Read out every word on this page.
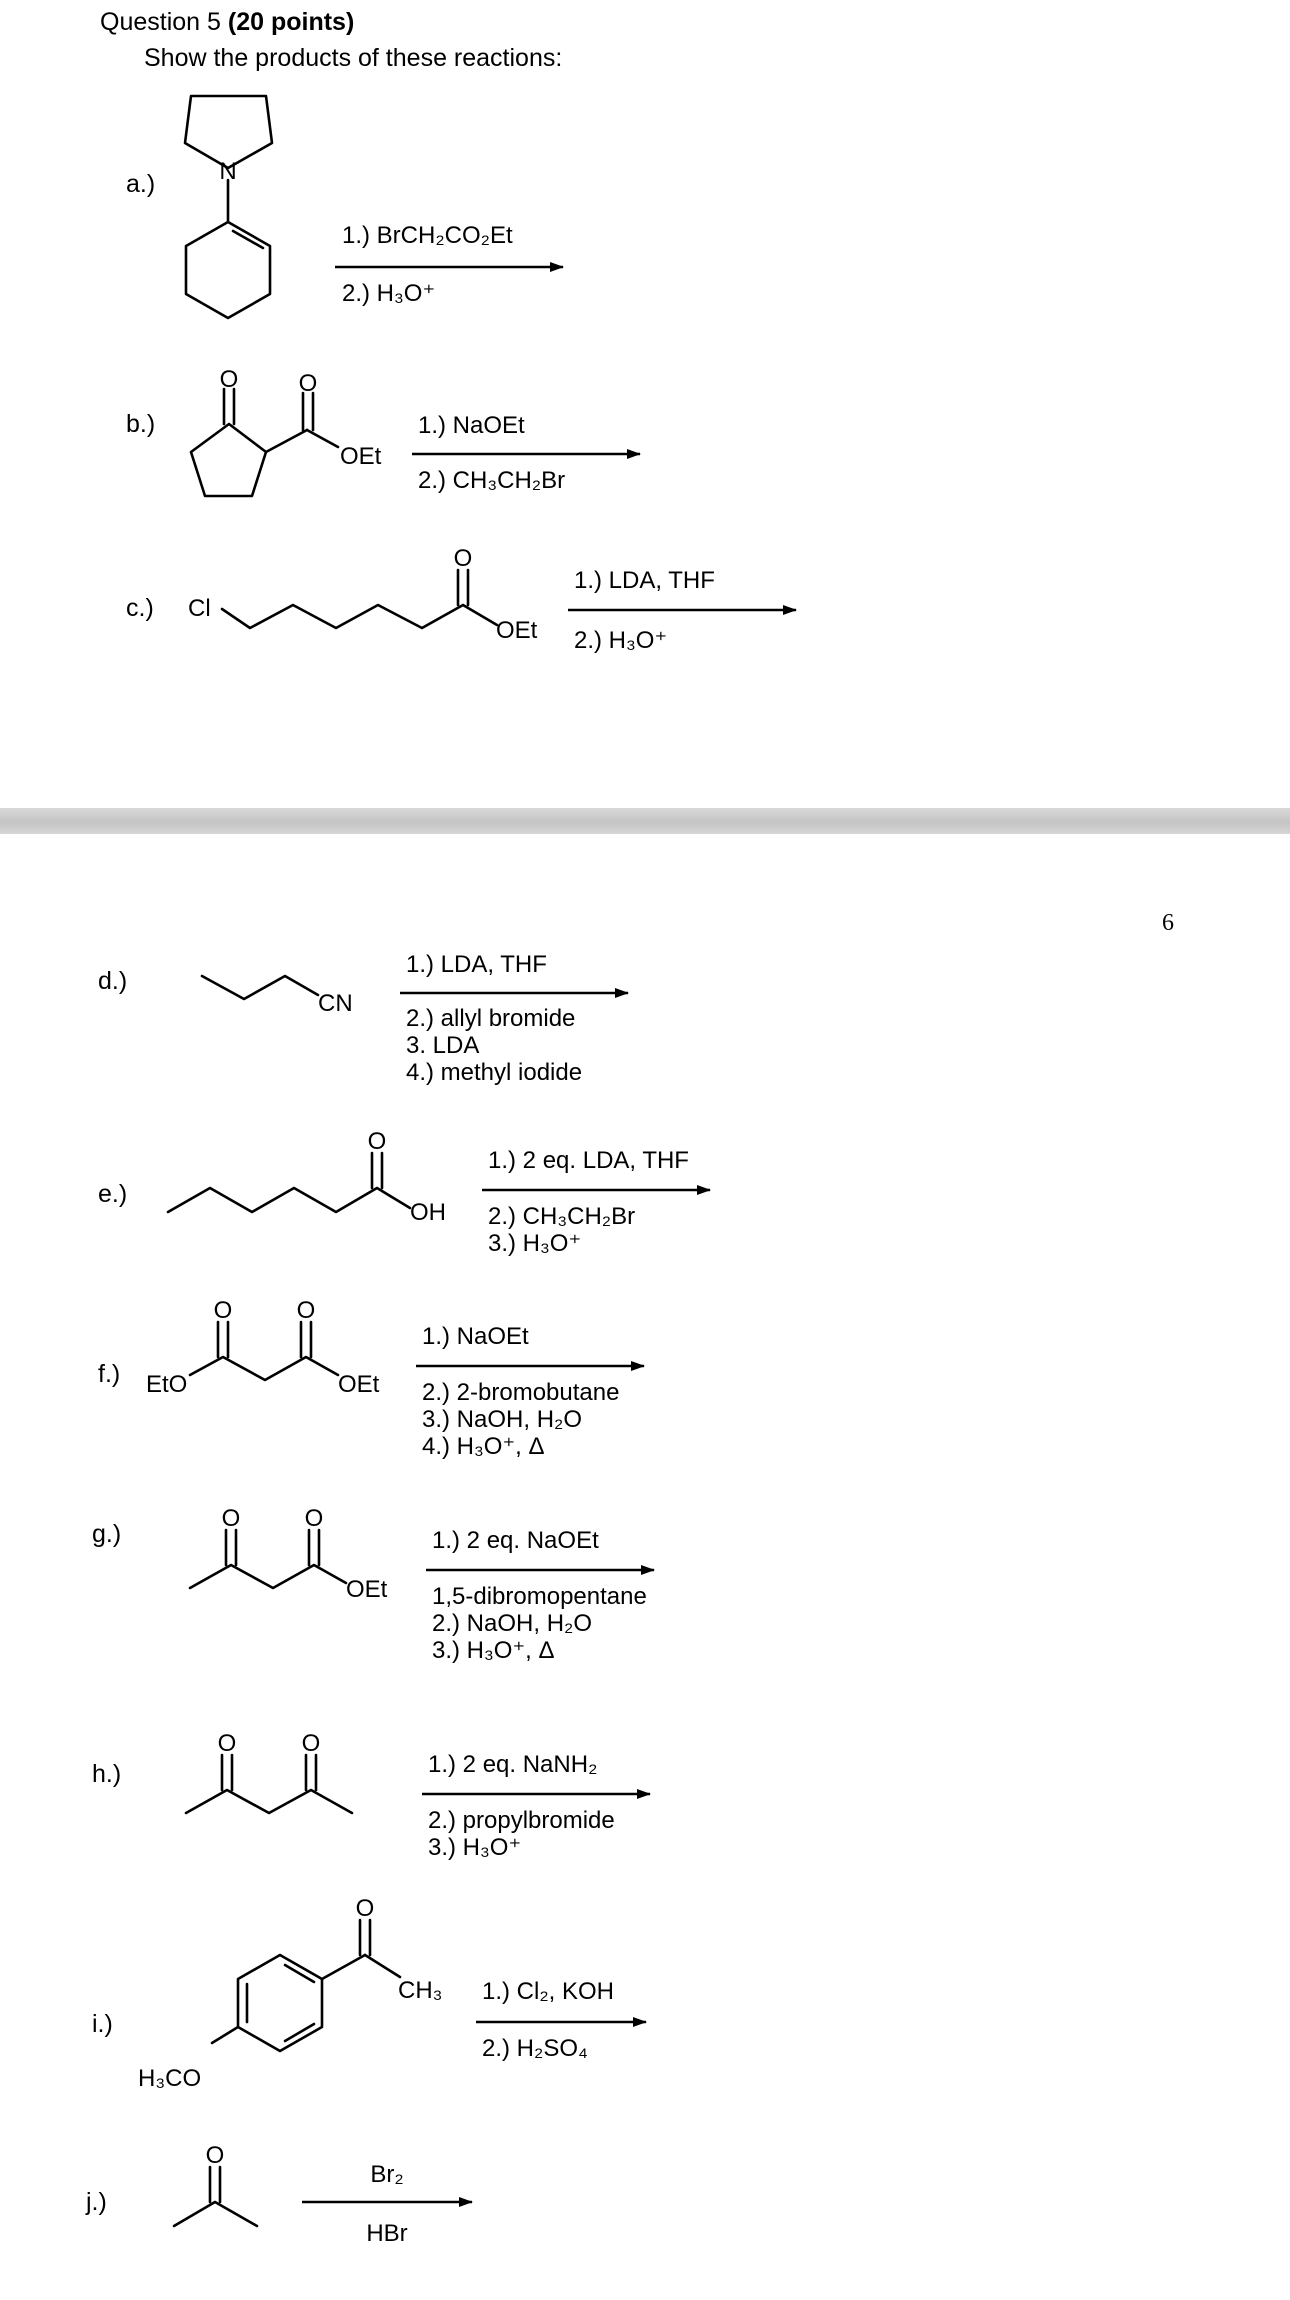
Question 5 (20 points)
Show the products of these reactions:
6
a.)
b.)
c.)
d.)
e.)
f.)
g.)
h.)
i.)
j.)
N
1.) BrCH₂CO₂Et
2.) H₃O⁺
O	O
OEt
1.) NaOEt
2.) CH₃CH₂Br
Cl
O
OEt
1.) LDA, THF
2.) H₃O⁺
CN
1.) LDA, THF
2.) allyl bromide
3. LDA
4.) methyl iodide
O
OH
1.) 2 eq. LDA, THF
2.) CH₃CH₂Br
3.) H₃O⁺
EtO
O	O
OEt
1.) NaOEt
2.) 2-bromobutane
3.) NaOH, H₂O
4.) H₃O⁺, Δ
O	O
OEt
1.) 2 eq. NaOEt
1,5-dibromopentane
2.) NaOH, H₂O
3.) H₃O⁺, Δ
O	O
1.) 2 eq. NaNH₂
2.) propylbromide
3.) H₃O⁺
O
CH₃
H₃CO
1.) Cl₂, KOH
2.) H₂SO₄
O
Br₂
HBr
